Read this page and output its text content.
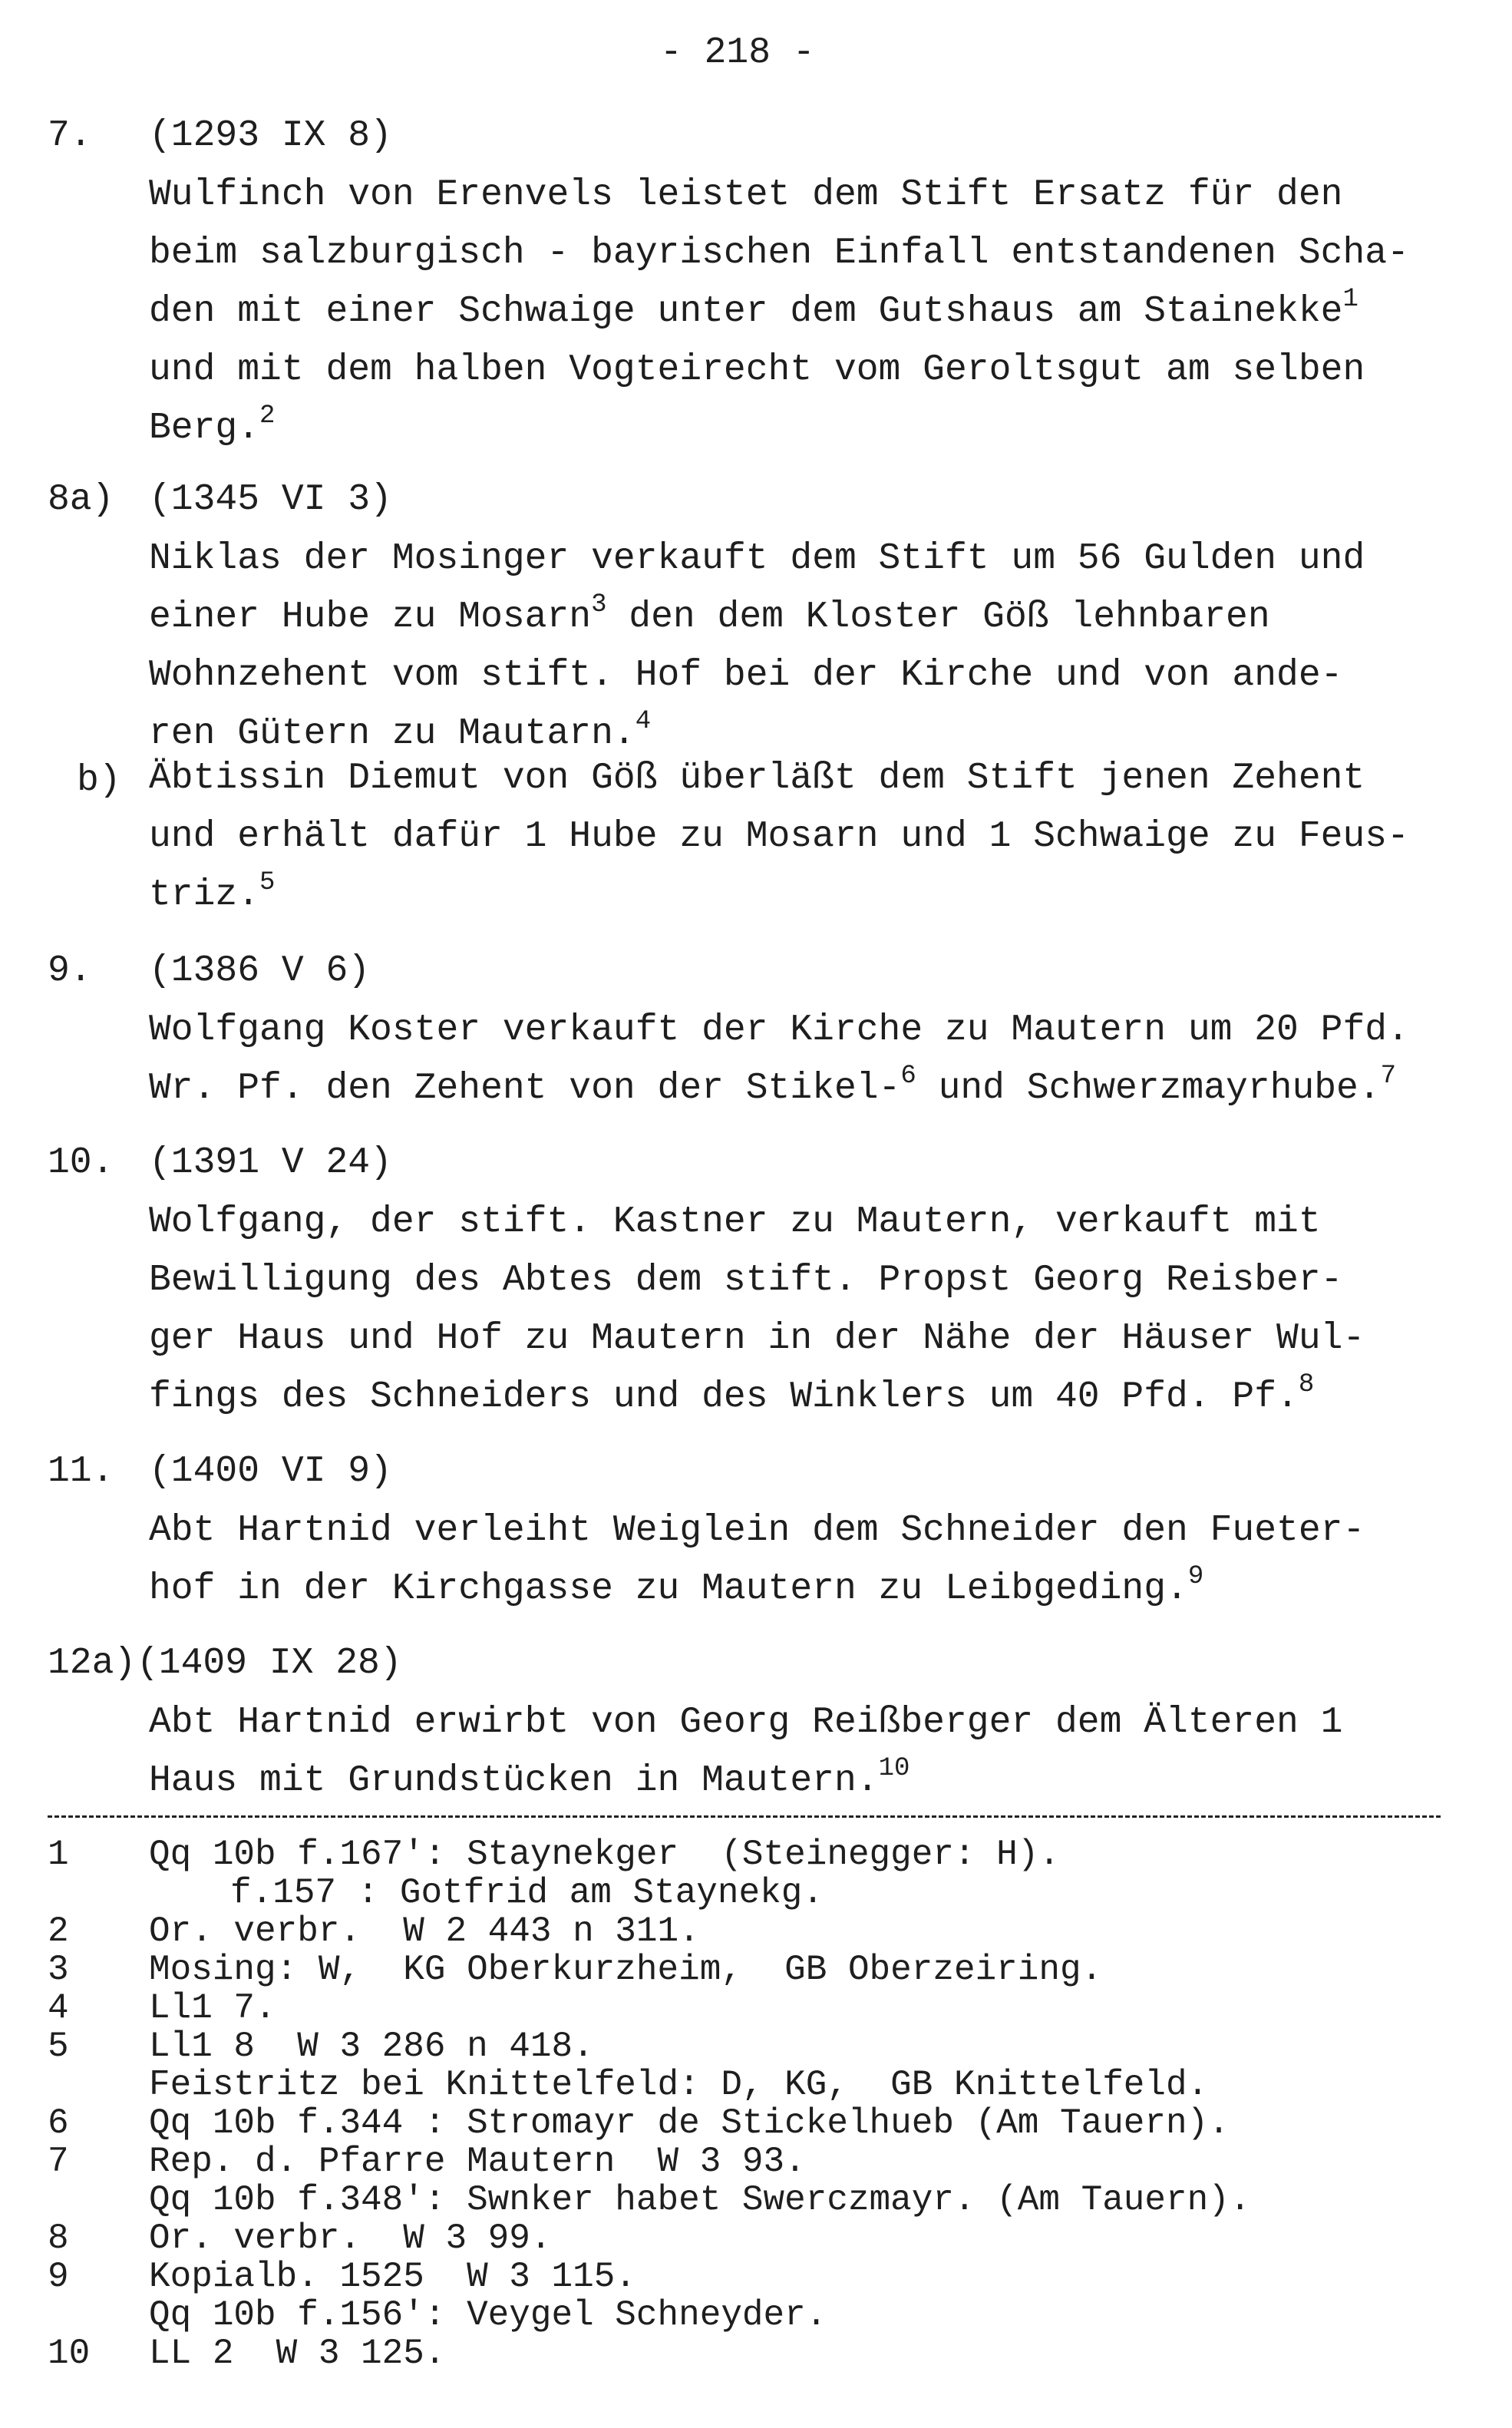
- 218 -
7. (1293 IX 8)
Wulfinch von Erenvels leistet dem Stift Ersatz für den
beim salzburgisch - bayrischen Einfall entstandenen Scha-
den mit einer Schwaige unter dem Gutshaus am Stainekke$^1$
und mit dem halben Vogteirecht vom Geroltsgut am selben
Berg.$^2$
8a) (1345 VI 3)
Niklas der Mosinger verkauft dem Stift um 56 Gulden und
einer Hube zu Mosarn$^3$ den dem Kloster Göß lehnbaren
Wohnzehent vom stift. Hof bei der Kirche und von ande-
ren Gütern zu Mautarn.$^4$
b) Äbtissin Diemut von Göß überläßt dem Stift jenen Zehent
und erhält dafür 1 Hube zu Mosarn und 1 Schwaige zu Feus-
triz.$^5$
9. (1386 V 6)
Wolfgang Koster verkauft der Kirche zu Mautern um 20 Pfd.
Wr. Pf. den Zehent von der Stikel-$^6$ und Schwerzmayrhube.$^7$
10. (1391 V 24)
Wolfgang, der stift. Kastner zu Mautern, verkauft mit
Bewilligung des Abtes dem stift. Propst Georg Reisber-
ger Haus und Hof zu Mautern in der Nähe der Häuser Wul-
fings des Schneiders und des Winklers um 40 Pfd. Pf.$^8$
11. (1400 VI 9)
Abt Hartnid verleiht Weiglein dem Schneider den Fueter-
hof in der Kirchgasse zu Mautern zu Leibgeding.$^9$
12a) (1409 IX 28)
Abt Hartnid erwirbt von Georg Reißberger dem Älteren 1
Haus mit Grundstücken in Mautern.$^{10}$
1	Qq 10b f.167': Staynekger  (Steinegger: H).
f.157 : Gotfrid am Staynekg.
2	Or. verbr.  W 2 443 n 311.
3	Mosing: W,  KG Oberkurzheim,  GB Oberzeiring.
4	Ll1 7.
5	Ll1 8  W 3 286 n 418.
Feistritz bei Knittelfeld: D, KG,  GB Knittelfeld.
6	Qq 10b f.344 : Stromayr de Stickelhueb (Am Tauern).
7	Rep. d. Pfarre Mautern  W 3 93.
Qq 10b f.348': Swnker habet Swerczmayr. (Am Tauern).
8	Or. verbr.  W 3 99.
9	Kopialb. 1525  W 3 115.
Qq 10b f.156': Veygel Schneyder.
10	LL 2  W 3 125.
